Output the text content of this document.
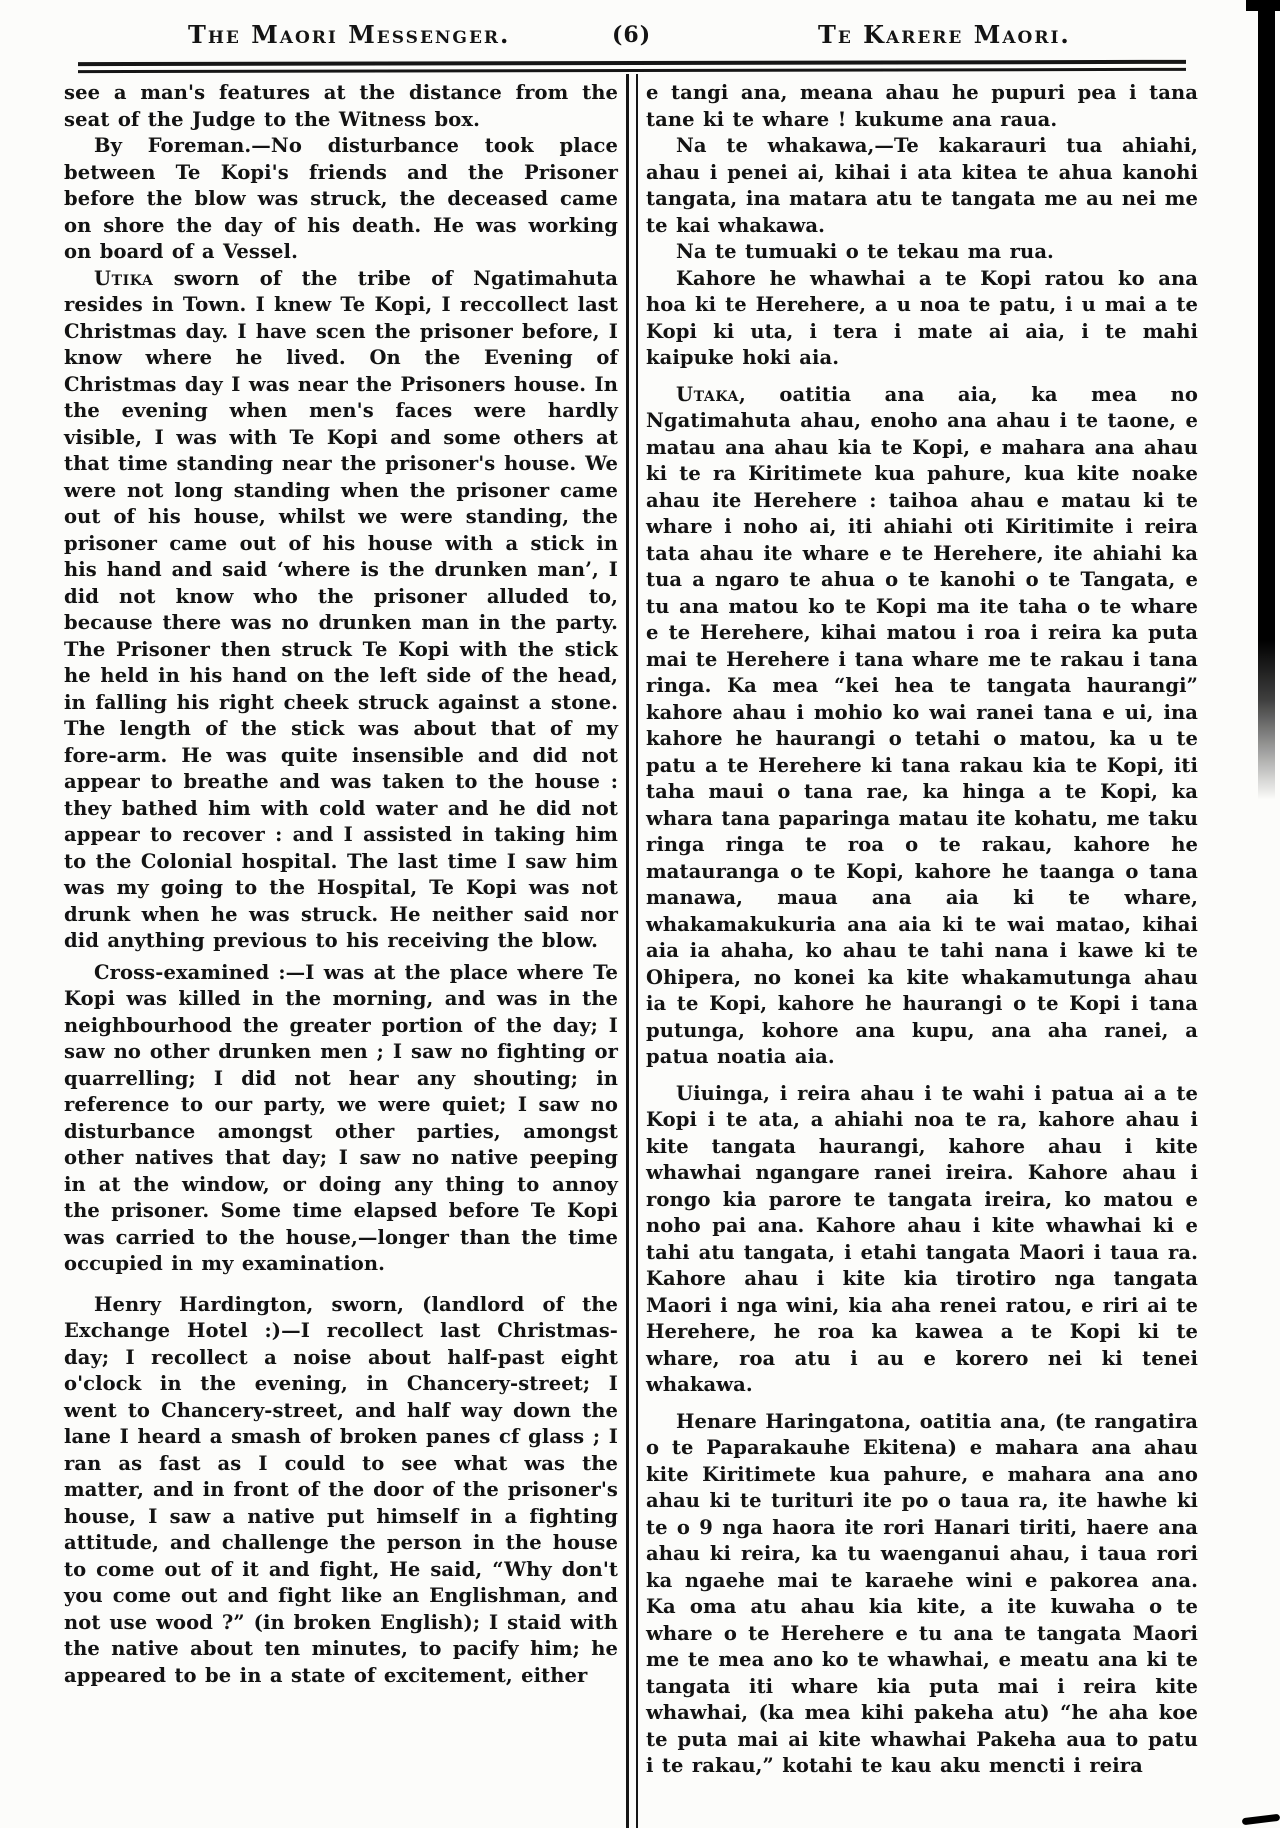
The Maori Messenger.	(6)	Te Karere Maori.

see a man's features at the distance from the seat of the Judge to the Witness box.

By Foreman.—No disturbance took place between Te Kopi's friends and the Prisoner before the blow was struck, the deceased came on shore the day of his death. He was working on board of a Vessel.

Utika sworn of the tribe of Ngatimahuta resides in Town. I knew Te Kopi, I reccollect last Christmas day. I have scen the prisoner before, I know where he lived. On the Evening of Christmas day I was near the Prisoners house. In the evening when men's faces were hardly visible, I was with Te Kopi and some others at that time standing near the prisoner's house. We were not long standing when the prisoner came out of his house, whilst we were standing, the prisoner came out of his house with a stick in his hand and said ‘where is the drunken man’, I did not know who the prisoner alluded to, because there was no drunken man in the party. The Prisoner then struck Te Kopi with the stick he held in his hand on the left side of the head, in falling his right cheek struck against a stone. The length of the stick was about that of my fore-arm. He was quite insensible and did not appear to breathe and was taken to the house : they bathed him with cold water and he did not appear to recover : and I assisted in taking him to the Colonial hospital. The last time I saw him was my going to the Hospital, Te Kopi was not drunk when he was struck. He neither said nor did anything previous to his receiving the blow.

Cross-examined :—I was at the place where Te Kopi was killed in the morning, and was in the neighbourhood the greater portion of the day; I saw no other drunken men ; I saw no fighting or quarrelling; I did not hear any shouting; in reference to our party, we were quiet; I saw no disturbance amongst other parties, amongst other natives that day; I saw no native peeping in at the window, or doing any thing to annoy the prisoner. Some time elapsed before Te Kopi was carried to the house,—longer than the time occupied in my examination.

Henry Hardington, sworn, (landlord of the Exchange Hotel :)—I recollect last Christmas-day; I recollect a noise about half-past eight o'clock in the evening, in Chancery-street; I went to Chancery-street, and half way down the lane I heard a smash of broken panes cf glass ; I ran as fast as I could to see what was the matter, and in front of the door of the prisoner's house, I saw a native put himself in a fighting attitude, and challenge the person in the house to come out of it and fight, He said, “Why don't you come out and fight like an Englishman, and not use wood ?” (in broken English); I staid with the native about ten minutes, to pacify him; he appeared to be in a state of excitement, either

e tangi ana, meana ahau he pupuri pea i tana tane ki te whare ! kukume ana raua.

Na te whakawa,—Te kakarauri tua ahiahi, ahau i penei ai, kihai i ata kitea te ahua kanohi tangata, ina matara atu te tangata me au nei me te kai whakawa.

Na te tumuaki o te tekau ma rua.

Kahore he whawhai a te Kopi ratou ko ana hoa ki te Herehere, a u noa te patu, i u mai a te Kopi ki uta, i tera i mate ai aia, i te mahi kaipuke hoki aia.

Utaka, oatitia ana aia, ka mea no Ngatimahuta ahau, enoho ana ahau i te taone, e matau ana ahau kia te Kopi, e mahara ana ahau ki te ra Kiritimete kua pahure, kua kite noake ahau ite Herehere : taihoa ahau e matau ki te whare i noho ai, iti ahiahi oti Kiritimite i reira tata ahau ite whare e te Herehere, ite ahiahi ka tua a ngaro te ahua o te kanohi o te Tangata, e tu ana matou ko te Kopi ma ite taha o te whare e te Herehere, kihai matou i roa i reira ka puta mai te Herehere i tana whare me te rakau i tana ringa. Ka mea “kei hea te tangata haurangi” kahore ahau i mohio ko wai ranei tana e ui, ina kahore he haurangi o tetahi o matou, ka u te patu a te Herehere ki tana rakau kia te Kopi, iti taha maui o tana rae, ka hinga a te Kopi, ka whara tana paparinga matau ite kohatu, me taku ringa ringa te roa o te rakau, kahore he matauranga o te Kopi, kahore he taanga o tana manawa, maua ana aia ki te whare, whakamakukuria ana aia ki te wai matao, kihai aia ia ahaha, ko ahau te tahi nana i kawe ki te Ohipera, no konei ka kite whakamutunga ahau ia te Kopi, kahore he haurangi o te Kopi i tana putunga, kohore ana kupu, ana aha ranei, a patua noatia aia.

Uiuinga, i reira ahau i te wahi i patua ai a te Kopi i te ata, a ahiahi noa te ra, kahore ahau i kite tangata haurangi, kahore ahau i kite whawhai ngangare ranei ireira. Kahore ahau i rongo kia parore te tangata ireira, ko matou e noho pai ana. Kahore ahau i kite whawhai ki e tahi atu tangata, i etahi tangata Maori i taua ra. Kahore ahau i kite kia tirotiro nga tangata Maori i nga wini, kia aha renei ratou, e riri ai te Herehere, he roa ka kawea a te Kopi ki te whare, roa atu i au e korero nei ki tenei whakawa.

Henare Haringatona, oatitia ana, (te rangatira o te Paparakauhe Ekitena) e mahara ana ahau kite Kiritimete kua pahure, e mahara ana ano ahau ki te turituri ite po o taua ra, ite hawhe ki te o 9 nga haora ite rori Hanari tiriti, haere ana ahau ki reira, ka tu waenganui ahau, i taua rori ka ngaehe mai te karaehe wini e pakorea ana. Ka oma atu ahau kia kite, a ite kuwaha o te whare o te Herehere e tu ana te tangata Maori me te mea ano ko te whawhai, e meatu ana ki te tangata iti whare kia puta mai i reira kite whawhai, (ka mea kihi pakeha atu) “he aha koe te puta mai ai kite whawhai Pakeha aua to patu i te rakau,” kotahi te kau aku mencti i reira
